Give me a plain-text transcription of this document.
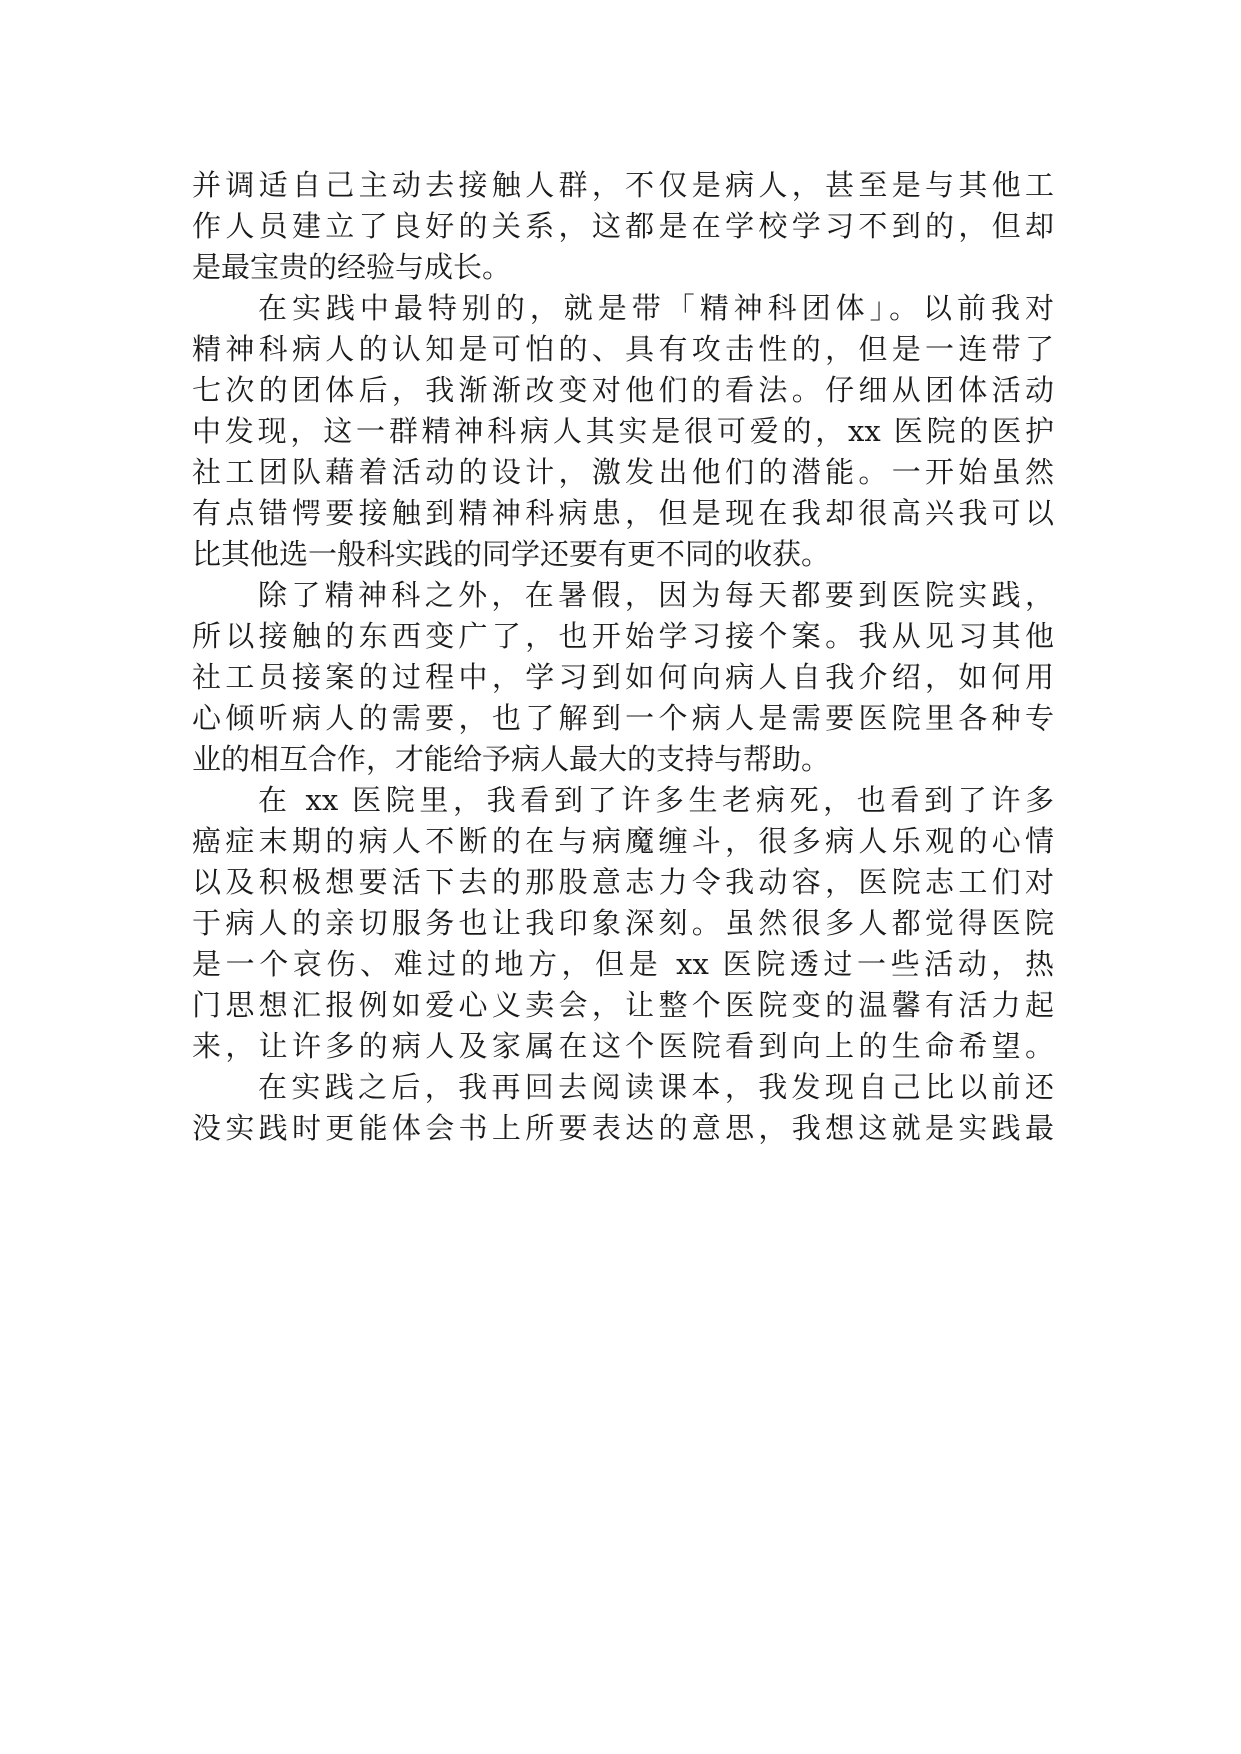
并调适自己主动去接触人群，不仅是病人，甚至是与其他工

作人员建立了良好的关系，这都是在学校学习不到的，但却

是最宝贵的经验与成长。

在实践中最特别的，就是带「精神科团体」。以前我对

精神科病人的认知是可怕的、具有攻击性的，但是一连带了

七次的团体后，我渐渐改变对他们的看法。仔细从团体活动

中发现，这一群精神科病人其实是很可爱的，xx 医院的医护

社工团队藉着活动的设计，激发出他们的潜能。一开始虽然

有点错愕要接触到精神科病患，但是现在我却很高兴我可以

比其他选一般科实践的同学还要有更不同的收获。

除了精神科之外，在暑假，因为每天都要到医院实践，

所以接触的东西变广了，也开始学习接个案。我从见习其他

社工员接案的过程中，学习到如何向病人自我介绍，如何用

心倾听病人的需要，也了解到一个病人是需要医院里各种专

业的相互合作，才能给予病人最大的支持与帮助。

在 xx 医院里，我看到了许多生老病死，也看到了许多

癌症末期的病人不断的在与病魔缠斗，很多病人乐观的心情

以及积极想要活下去的那股意志力令我动容，医院志工们对

于病人的亲切服务也让我印象深刻。虽然很多人都觉得医院

是一个哀伤、难过的地方，但是 xx 医院透过一些活动，热

门思想汇报例如爱心义卖会，让整个医院变的温馨有活力起

来，让许多的病人及家属在这个医院看到向上的生命希望。

在实践之后，我再回去阅读课本，我发现自己比以前还

没实践时更能体会书上所要表达的意思，我想这就是实践最
